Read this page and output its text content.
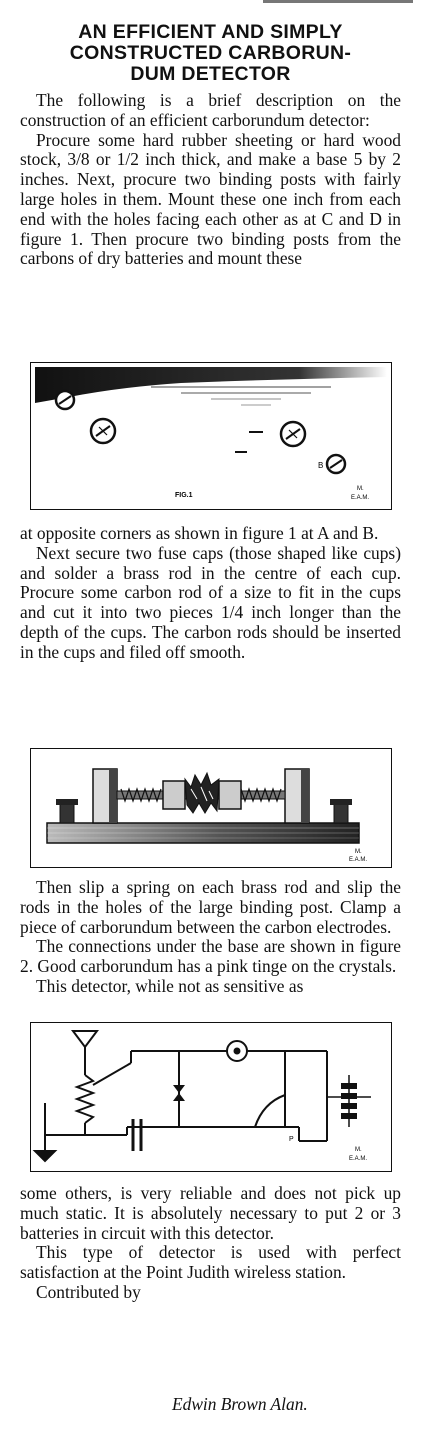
AN EFFICIENT AND SIMPLY
CONSTRUCTED CARBORUN-
DUM DETECTOR

The following is a brief description on the construction of an efficient carborundum detector:

Procure some hard rubber sheeting or hard wood stock, 3/8 or 1/2 inch thick, and make a base 5 by 2 inches. Next, procure two binding posts with fairly large holes in them. Mount these one inch from each end with the holes facing each other as at C and D in figure 1. Then procure two binding posts from the carbons of dry batteries and mount these

B
FIG.1
M.
E.A.M.

at opposite corners as shown in figure 1 at A and B.

Next secure two fuse caps (those shaped like cups) and solder a brass rod in the centre of each cup. Procure some carbon rod of a size to fit in the cups and cut it into two pieces 1/4 inch longer than the depth of the cups. The carbon rods should be inserted in the cups and filed off smooth.

M.
E.A.M.

Then slip a spring on each brass rod and slip the rods in the holes of the large binding post. Clamp a piece of carborundum between the carbon electrodes.

The connections under the base are shown in figure 2. Good carborundum has a pink tinge on the crystals.

This detector, while not as sensitive as

P
M.
E.A.M.

some others, is very reliable and does not pick up much static. It is absolutely necessary to put 2 or 3 batteries in circuit with this detector.

This type of detector is used with perfect satisfaction at the Point Judith wireless station.

Contributed by

Edwin Brown Alan.
